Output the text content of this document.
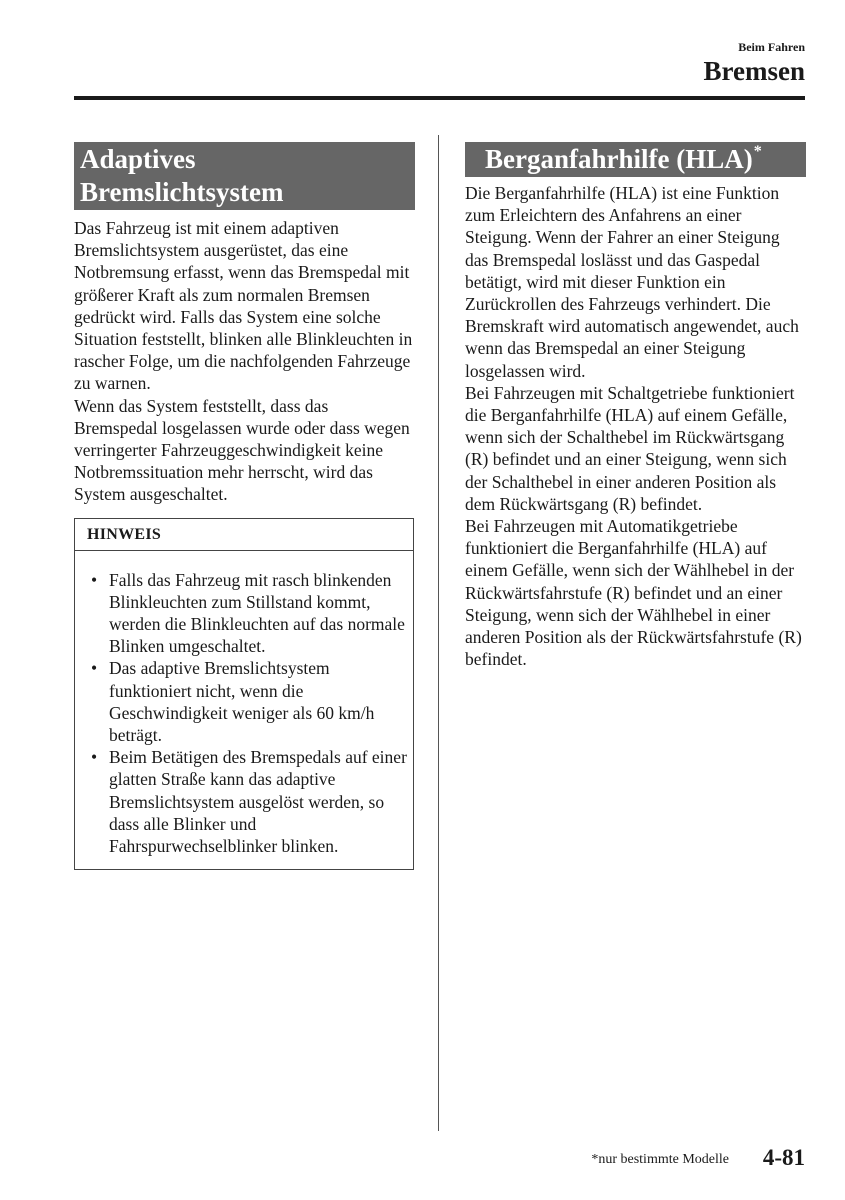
Beim Fahren
Bremsen
Adaptives
Bremslichtsystem

Das Fahrzeug ist mit einem adaptiven Bremslichtsystem ausgerüstet, das eine Notbremsung erfasst, wenn das Bremspedal mit größerer Kraft als zum normalen Bremsen gedrückt wird. Falls das System eine solche Situation feststellt, blinken alle Blinkleuchten in rascher Folge, um die nachfolgenden Fahrzeuge zu warnen.

Wenn das System feststellt, dass das Bremspedal losgelassen wurde oder dass wegen verringerter Fahrzeuggeschwindigkeit keine Notbremssituation mehr herrscht, wird das System ausgeschaltet.

HINWEIS
• Falls das Fahrzeug mit rasch blinkenden Blinkleuchten zum Stillstand kommt, werden die Blinkleuchten auf das normale Blinken umgeschaltet.
• Das adaptive Bremslichtsystem funktioniert nicht, wenn die Geschwindigkeit weniger als 60 km/h beträgt.
• Beim Betätigen des Bremspedals auf einer glatten Straße kann das adaptive Bremslichtsystem ausgelöst werden, so dass alle Blinker und Fahrspurwechselblinker blinken.
Berganfahrhilfe (HLA)*

Die Berganfahrhilfe (HLA) ist eine Funktion zum Erleichtern des Anfahrens an einer Steigung. Wenn der Fahrer an einer Steigung das Bremspedal loslässt und das Gaspedal betätigt, wird mit dieser Funktion ein Zurückrollen des Fahrzeugs verhindert. Die Bremskraft wird automatisch angewendet, auch wenn das Bremspedal an einer Steigung losgelassen wird.

Bei Fahrzeugen mit Schaltgetriebe funktioniert die Berganfahrhilfe (HLA) auf einem Gefälle, wenn sich der Schalthebel im Rückwärtsgang (R) befindet und an einer Steigung, wenn sich der Schalthebel in einer anderen Position als dem Rückwärtsgang (R) befindet.

Bei Fahrzeugen mit Automatikgetriebe funktioniert die Berganfahrhilfe (HLA) auf einem Gefälle, wenn sich der Wählhebel in der Rückwärtsfahrstufe (R) befindet und an einer Steigung, wenn sich der Wählhebel in einer anderen Position als der Rückwärtsfahrstufe (R) befindet.

*nur bestimmte Modelle 4-81
